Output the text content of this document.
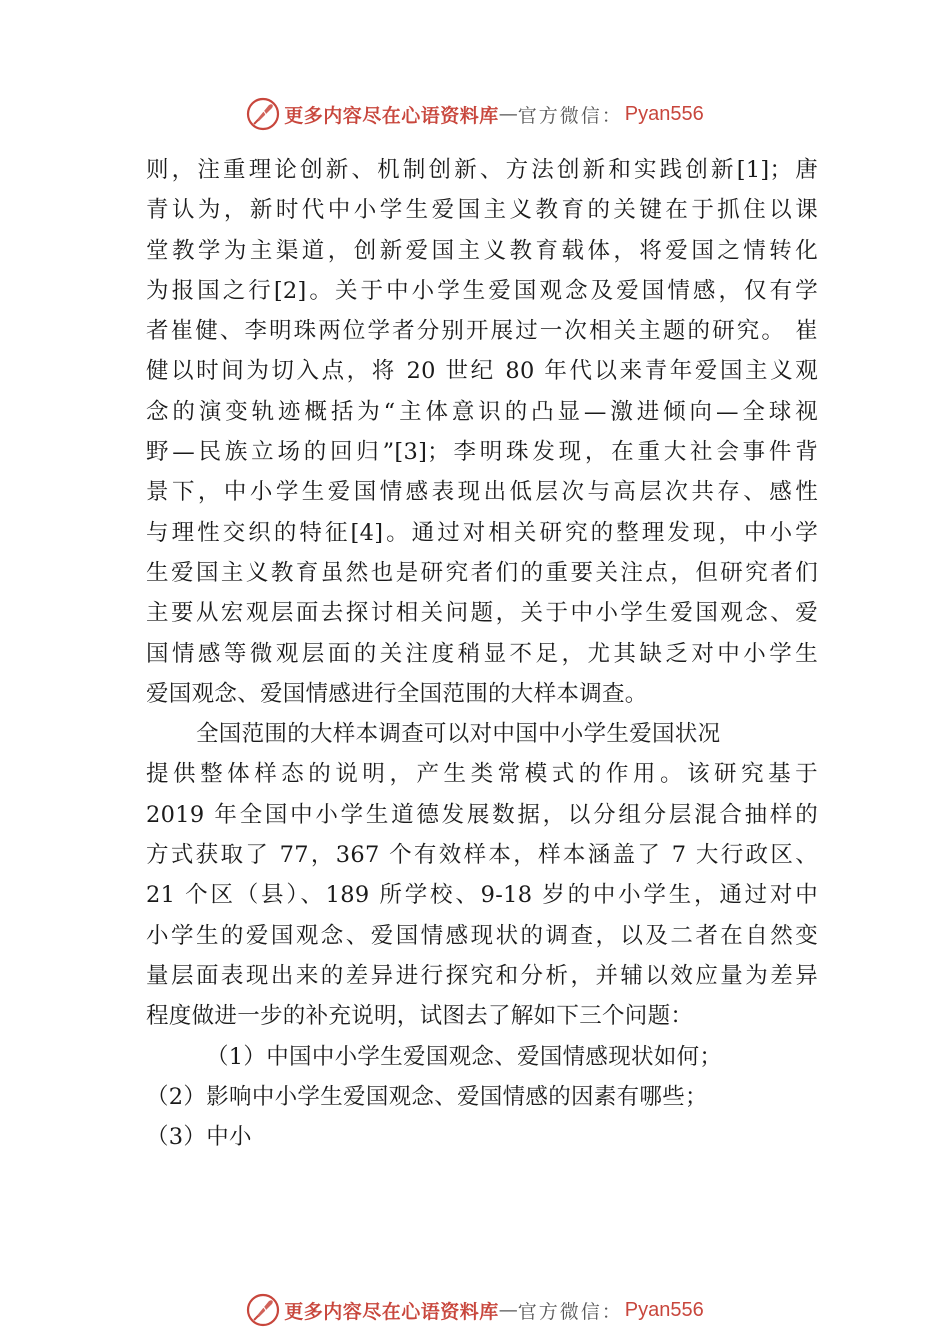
更多内容尽在心语资料库 — 官方微信 ： Pyan556
则，注重理论创新、机制创新、方法创新和实践创新[1]；唐
青认为，新时代中小学生爱国主义教育的关键在于抓住以课
堂教学为主渠道，创新爱国主义教育载体，将爱国之情转化
为报国之行[2]。关于中小学生爱国观念及爱国情感，仅有学
者崔健、李明珠两位学者分别开展过一次相关主题的研究。 崔
健以时间为切入点，将 20 世纪 80 年代以来青年爱国主义观
念的演变轨迹概括为“主体意识的凸显—激进倾向—全球视
野—民族立场的回归”[3]；李明珠发现，在重大社会事件背
景下，中小学生爱国情感表现出低层次与高层次共存、感性
与理性交织的特征[4]。通过对相关研究的整理发现，中小学
生爱国主义教育虽然也是研究者们的重要关注点，但研究者们
主要从宏观层面去探讨相关问题，关于中小学生爱国观念、爱
国情感等微观层面的关注度稍显不足，尤其缺乏对中小学生
爱国观念、爱国情感进行全国范围的大样本调查。
全国范围的大样本调查可以对中国中小学生爱国状况
提供整体样态的说明，产生类常模式的作用。该研究基于
2019 年全国中小学生道德发展数据，以分组分层混合抽样的
方式获取了 77，367 个有效样本，样本涵盖了 7 大行政区、
21 个区（县）、189 所学校、9-18 岁的中小学生，通过对中
小学生的爱国观念、爱国情感现状的调查，以及二者在自然变
量层面表现出来的差异进行探究和分析，并辅以效应量为差异
程度做进一步的补充说明，试图去了解如下三个问题：
（1）中国中小学生爱国观念、爱国情感现状如何；
（2）影响中小学生爱国观念、爱国情感的因素有哪些；
（3）中小
更多内容尽在心语资料库 — 官方微信 ： Pyan556
